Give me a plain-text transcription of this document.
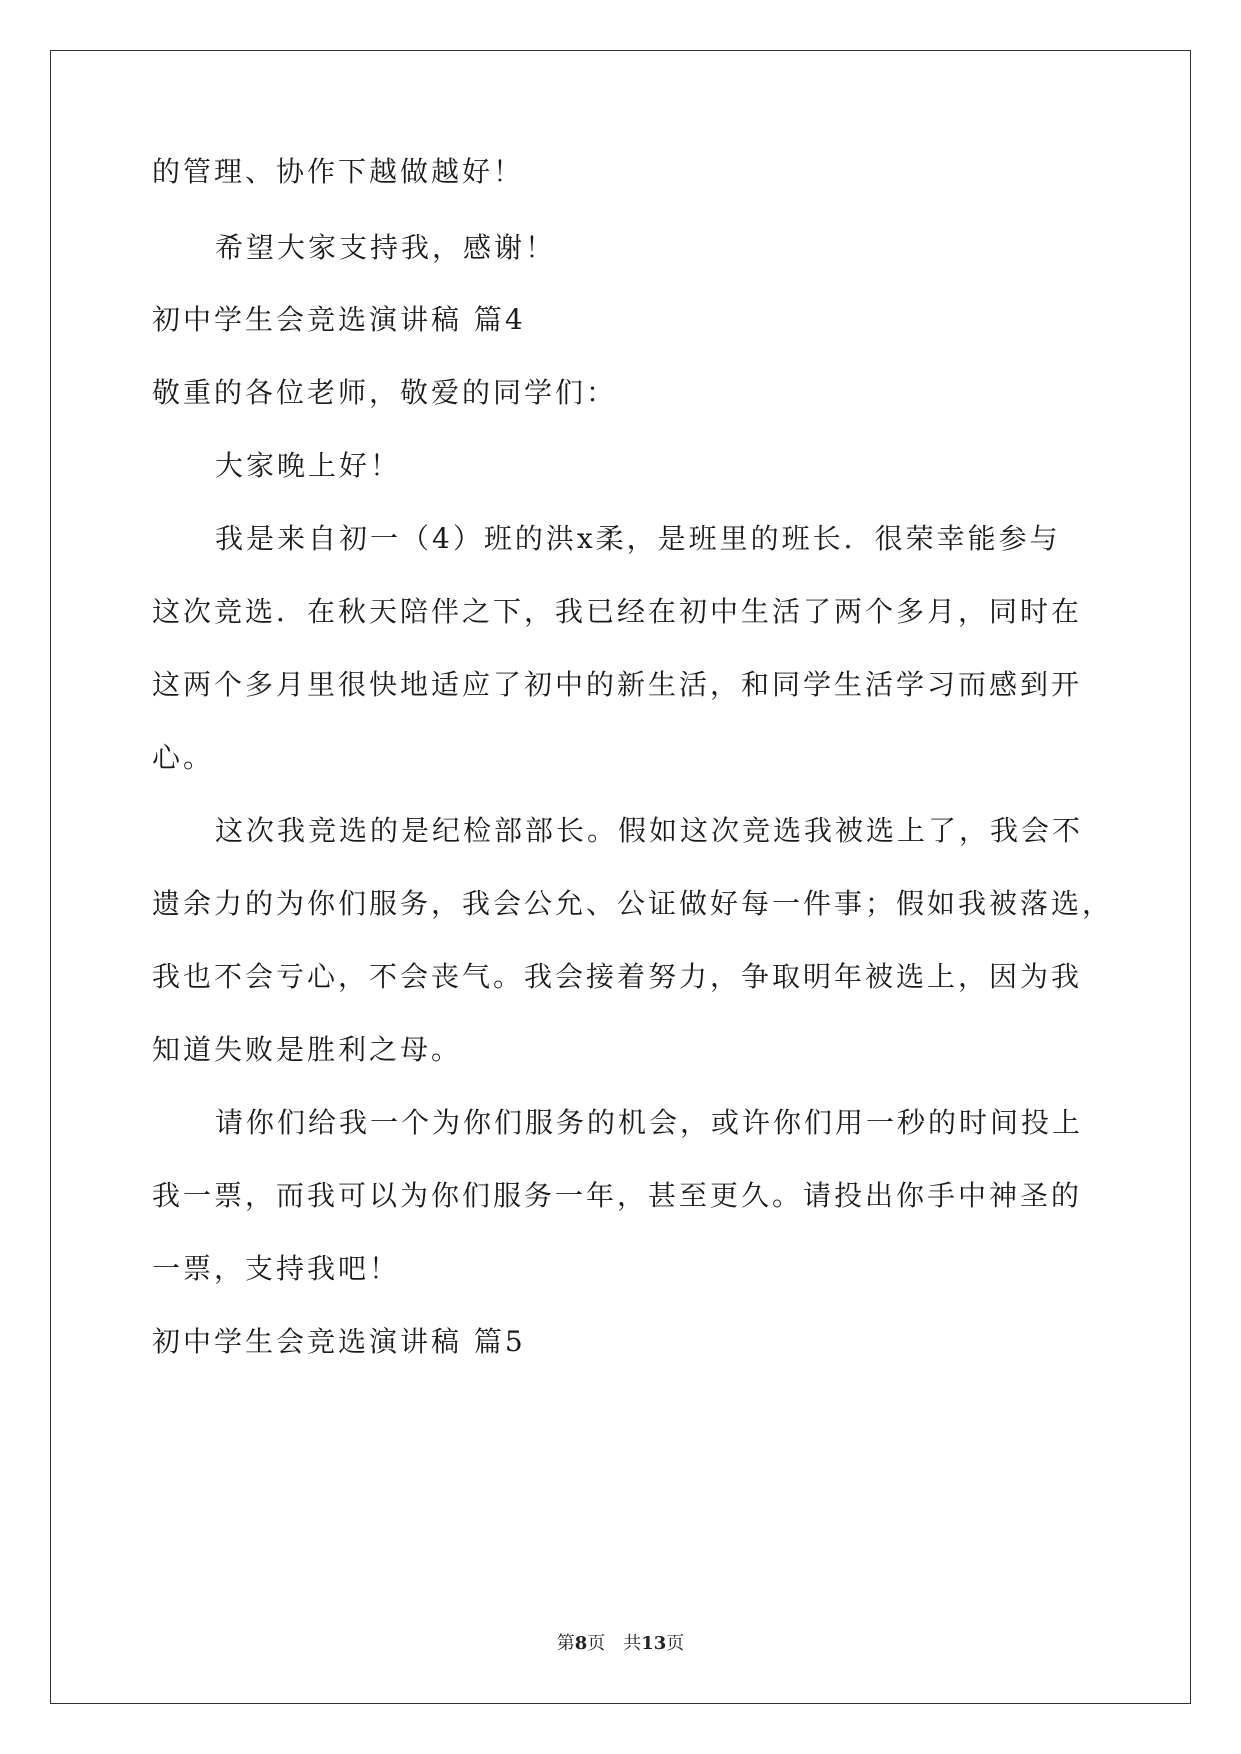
的管理、协作下越做越好！
希望大家支持我，感谢！
初中学生会竞选演讲稿 篇4
敬重的各位老师，敬爱的同学们：
大家晚上好！
我是来自初一（4）班的洪x柔，是班里的班长．很荣幸能参与
这次竞选．在秋天陪伴之下，我已经在初中生活了两个多月，同时在
这两个多月里很快地适应了初中的新生活，和同学生活学习而感到开
心。
这次我竞选的是纪检部部长。假如这次竞选我被选上了，我会不
遗余力的为你们服务，我会公允、公证做好每一件事；假如我被落选，
我也不会亏心，不会丧气。我会接着努力，争取明年被选上，因为我
知道失败是胜利之母。
请你们给我一个为你们服务的机会，或许你们用一秒的时间投上
我一票，而我可以为你们服务一年，甚至更久。请投出你手中神圣的
一票，支持我吧！
初中学生会竞选演讲稿 篇5
第8页　共13页
